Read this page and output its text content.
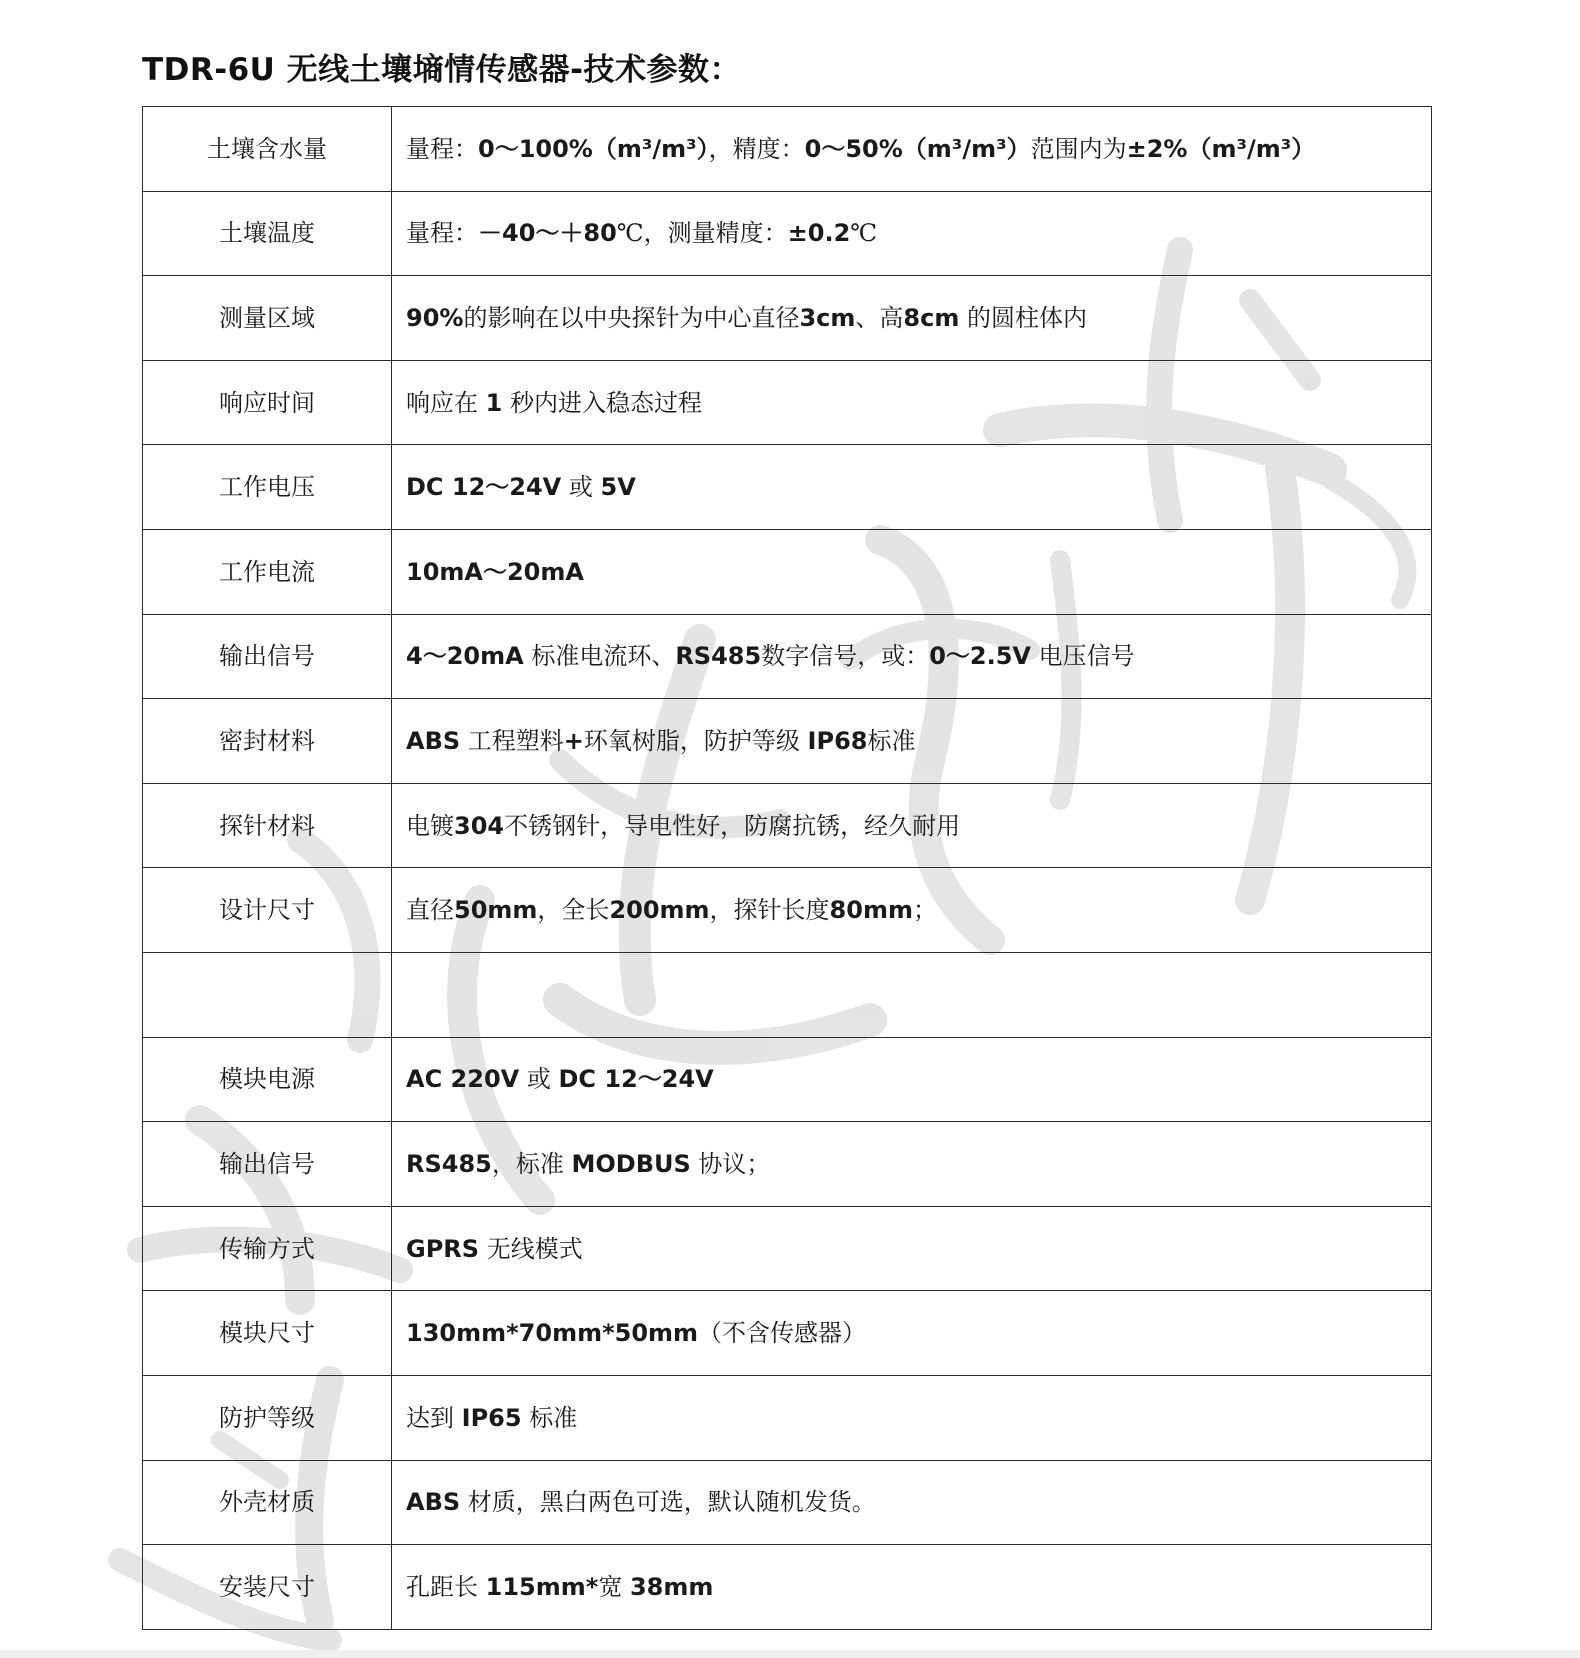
TDR-6U 无线土壤墒情传感器-技术参数：
土壤含水量	量程：0～100%（m³/m³），精度：0～50%（m³/m³）范围内为±2%（m³/m³）
土壤温度	量程：－40～＋80℃，测量精度：±0.2℃
测量区域	90%的影响在以中央探针为中心直径3cm、高8cm 的圆柱体内
响应时间	响应在 1 秒内进入稳态过程
工作电压	DC 12～24V 或 5V
工作电流	10mA～20mA
输出信号	4～20mA 标准电流环、RS485数字信号，或：0～2.5V 电压信号
密封材料	ABS 工程塑料+环氧树脂，防护等级 IP68标准
探针材料	电镀304不锈钢针，导电性好，防腐抗锈，经久耐用
设计尺寸	直径50mm，全长200mm，探针长度80mm；

模块电源	AC 220V 或 DC 12～24V
输出信号	RS485，标准 MODBUS 协议；
传输方式	GPRS 无线模式
模块尺寸	130mm*70mm*50mm（不含传感器）
防护等级	达到 IP65 标准
外壳材质	ABS 材质，黑白两色可选，默认随机发货。
安装尺寸	孔距长 115mm*宽 38mm
